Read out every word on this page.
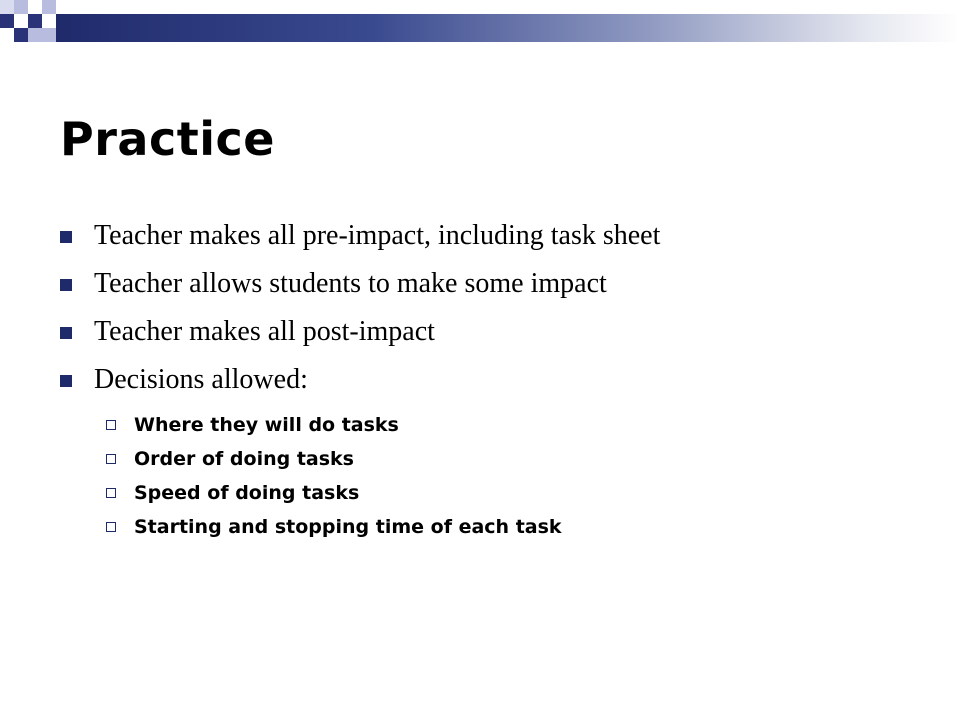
Practice
Teacher makes all pre-impact, including task sheet
Teacher allows students to make some impact
Teacher makes all post-impact
Decisions allowed:
Where they will do tasks
Order of doing tasks
Speed of doing tasks
Starting and stopping time of each task
